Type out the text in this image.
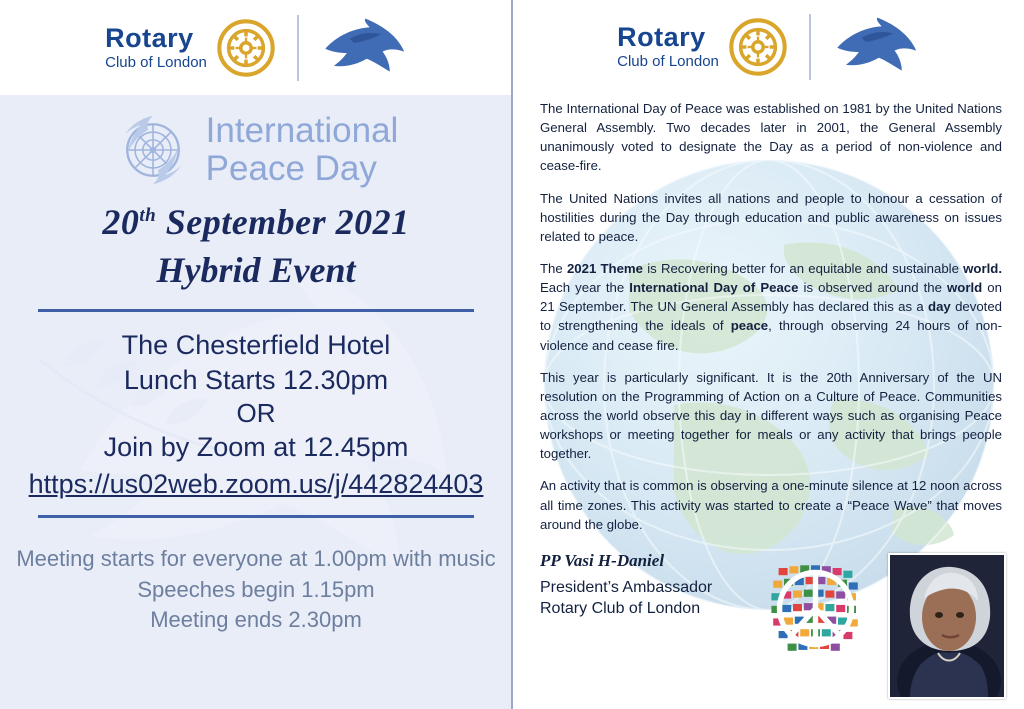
Rotary
Club of London
International
Peace Day
20th September 2021
Hybrid Event
The Chesterfield Hotel
Lunch Starts 12.30pm
OR
Join by Zoom at 12.45pm
https://us02web.zoom.us/j/442824403
Meeting starts for everyone at 1.00pm with music
Speeches begin 1.15pm
Meeting ends 2.30pm
Rotary
Club of London

The International Day of Peace was established on 1981 by the United Nations General Assembly. Two decades later in 2001, the General Assembly unanimously voted to designate the Day as a period of non-violence and cease-fire.

The United Nations invites all nations and people to honour a cessation of hostilities during the Day through education and public awareness on issues related to peace.

The 2021 Theme is Recovering better for an equitable and sustainable world. Each year the International Day of Peace is observed around the world on 21 September. The UN General Assembly has declared this as a day devoted to strengthening the ideals of peace, through observing 24 hours of non-violence and cease fire.

This year is particularly significant. It is the 20th Anniversary of the UN resolution on the Programming of Action on a Culture of Peace. Communities across the world observe this day in different ways such as organising Peace workshops or meeting together for meals or any activity that brings people together.

An activity that is common is observing a one-minute silence at 12 noon across all time zones. This activity was started to create a “Peace Wave” that moves around the globe.

PP Vasi H-Daniel
President’s Ambassador
Rotary Club of London
